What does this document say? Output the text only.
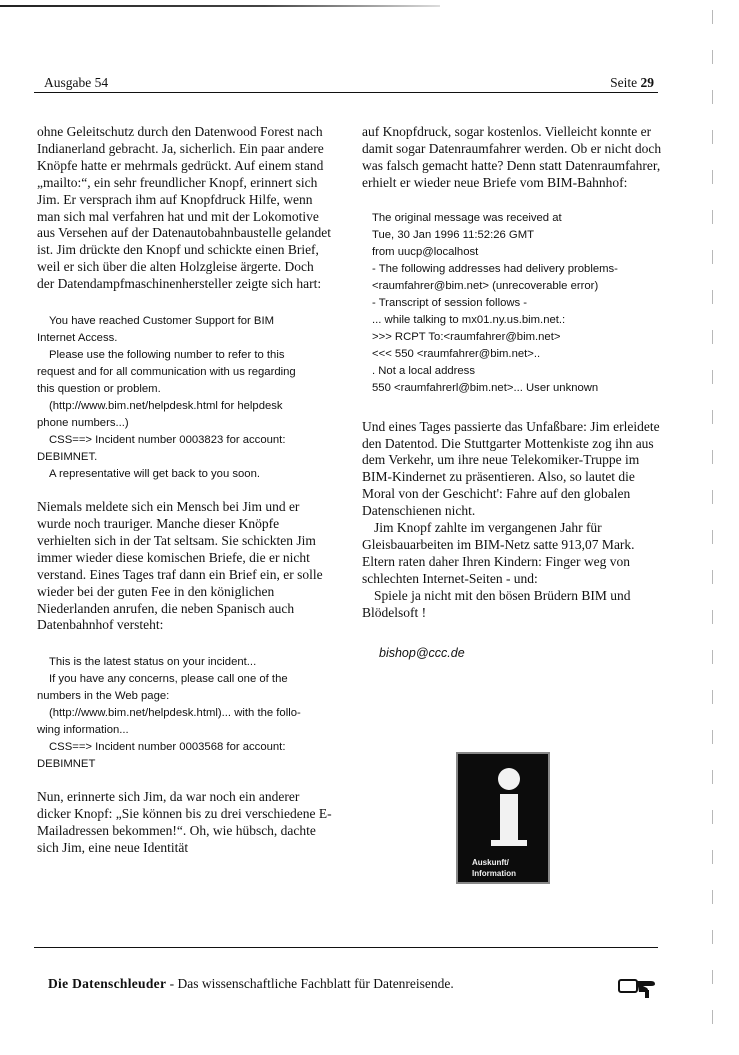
Ausgabe 54	Seite 29

ohne Geleitschutz durch den Datenwood Forest nach Indianerland gebracht. Ja, sicherlich. Ein paar andere Knöpfe hatte er mehrmals gedrückt. Auf einem stand „mailto:“, ein sehr freundlicher Knopf, erinnert sich Jim. Er versprach ihm auf Knopfdruck Hilfe, wenn man sich mal verfahren hat und mit der Lokomotive aus Versehen auf der Datenautobahnbaustelle gelandet ist. Jim drückte den Knopf und schickte einen Brief, weil er sich über die alten Holzgleise ärgerte. Doch der Datendampfmaschinenhersteller zeigte sich hart:

You have reached Customer Support for BIM
Internet Access.
Please use the following number to refer to this
request and for all communication with us regarding
this question or problem.
(http://www.bim.net/helpdesk.html for helpdesk
phone numbers...)
CSS==> Incident number 0003823 for account:
DEBIMNET.
A representative will get back to you soon.

Niemals meldete sich ein Mensch bei Jim und er wurde noch trauriger. Manche dieser Knöpfe verhielten sich in der Tat seltsam. Sie schickten Jim immer wieder diese komischen Briefe, die er nicht verstand. Eines Tages traf dann ein Brief ein, er solle wieder bei der guten Fee in den königlichen Niederlanden anrufen, die neben Spanisch auch Datenbahnhof versteht:

This is the latest status on your incident...
If you have any concerns, please call one of the
numbers in the Web page:
(http://www.bim.net/helpdesk.html)... with the follo-
wing information...
CSS==> Incident number 0003568 for account:
DEBIMNET

Nun, erinnerte sich Jim, da war noch ein anderer dicker Knopf: „Sie können bis zu drei verschiedene E-Mailadressen bekommen!“. Oh, wie hübsch, dachte sich Jim, eine neue Identität

auf Knopfdruck, sogar kostenlos. Vielleicht konnte er damit sogar Datenraumfahrer werden. Ob er nicht doch was falsch gemacht hatte? Denn statt Datenraumfahrer, erhielt er wieder neue Briefe vom BIM-Bahnhof:

The original message was received at
Tue, 30 Jan 1996 11:52:26 GMT
from uucp@localhost
- The following addresses had delivery problems-
<raumfahrer@bim.net> (unrecoverable error)
- Transcript of session follows -
... while talking to mx01.ny.us.bim.net.:
>>> RCPT To:<raumfahrer@bim.net>
<<< 550 <raumfahrer@bim.net>..
. Not a local address
550 <raumfahrerl@bim.net>... User unknown

Und eines Tages passierte das Unfaßbare: Jim erleidete den Datentod. Die Stuttgarter Mottenkiste zog ihn aus dem Verkehr, um ihre neue Telekomiker-Truppe im BIM-Kindernet zu präsentieren. Also, so lautet die Moral von der Geschicht': Fahre auf den globalen Datenschienen nicht.

Jim Knopf zahlte im vergangenen Jahr für Gleisbauarbeiten im BIM-Netz satte 913,07 Mark. Eltern raten daher Ihren Kindern: Finger weg von schlechten Internet-Seiten - und:

Spiele ja nicht mit den bösen Brüdern BIM und Blödelsoft !

bishop@ccc.de
Auskunft/
Information
Die Datenschleuder - Das wissenschaftliche Fachblatt für Datenreisende.
